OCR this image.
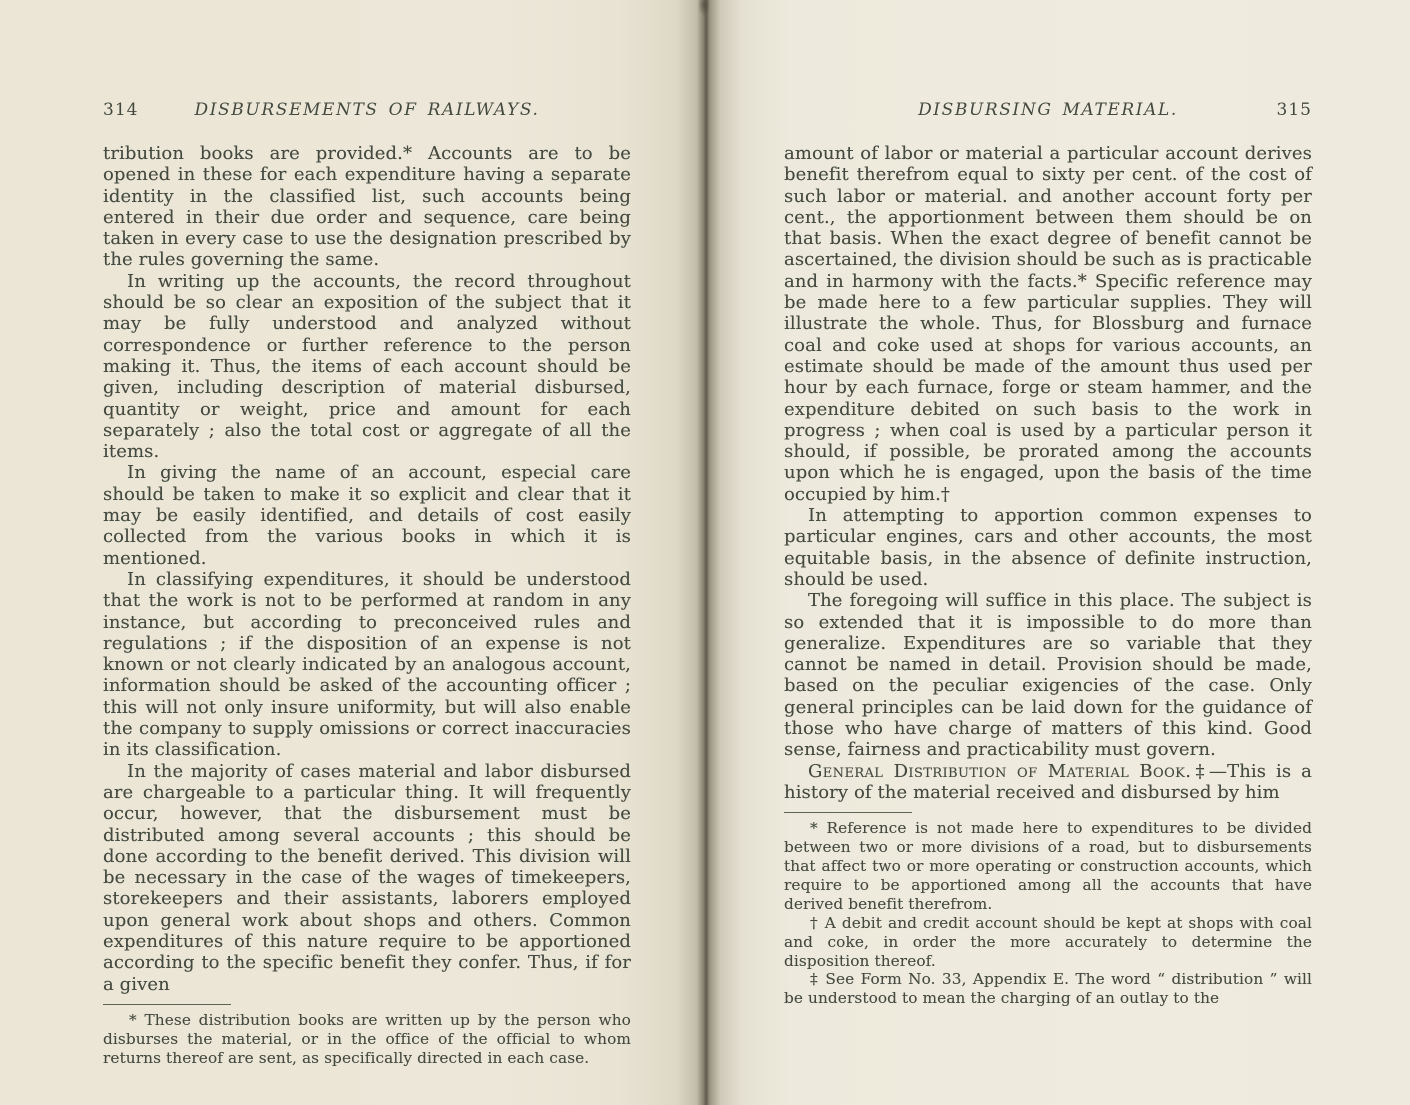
314	DISBURSEMENTS OF RAILWAYS.

tribution books are provided.* Accounts are to be opened in these for each expenditure having a separate identity in the classified list, such accounts being entered in their due order and sequence, care being taken in every case to use the designation prescribed by the rules governing the same.

In writing up the accounts, the record throughout should be so clear an exposition of the subject that it may be fully understood and analyzed without correspondence or further reference to the person making it. Thus, the items of each account should be given, including description of material disbursed, quantity or weight, price and amount for each separately ; also the total cost or aggregate of all the items.

In giving the name of an account, especial care should be taken to make it so explicit and clear that it may be easily identified, and details of cost easily collected from the various books in which it is mentioned.

In classifying expenditures, it should be understood that the work is not to be performed at random in any instance, but according to preconceived rules and regulations ; if the disposition of an expense is not known or not clearly indicated by an analogous account, information should be asked of the accounting officer ; this will not only insure uniformity, but will also enable the company to supply omissions or correct inaccuracies in its classification.

In the majority of cases material and labor disbursed are chargeable to a particular thing. It will frequently occur, however, that the disbursement must be distributed among several accounts ; this should be done according to the benefit derived. This division will be necessary in the case of the wages of timekeepers, storekeepers and their assistants, laborers employed upon general work about shops and others. Common expenditures of this nature require to be apportioned according to the specific benefit they confer. Thus, if for a given

* These distribution books are written up by the person who disburses the material, or in the office of the official to whom returns thereof are sent, as specifically directed in each case.

DISBURSING MATERIAL.	315

amount of labor or material a particular account derives benefit therefrom equal to sixty per cent. of the cost of such labor or material. and another account forty per cent., the apportionment between them should be on that basis. When the exact degree of benefit cannot be ascertained, the division should be such as is practicable and in harmony with the facts.* Specific reference may be made here to a few particular supplies. They will illustrate the whole. Thus, for Blossburg and furnace coal and coke used at shops for various accounts, an estimate should be made of the amount thus used per hour by each furnace, forge or steam hammer, and the expenditure debited on such basis to the work in progress ; when coal is used by a particular person it should, if possible, be prorated among the accounts upon which he is engaged, upon the basis of the time occupied by him.†

In attempting to apportion common expenses to particular engines, cars and other accounts, the most equitable basis, in the absence of definite instruction, should be used.

The foregoing will suffice in this place. The subject is so extended that it is impossible to do more than generalize. Expenditures are so variable that they cannot be named in detail. Provision should be made, based on the peculiar exigencies of the case. Only general principles can be laid down for the guidance of those who have charge of matters of this kind. Good sense, fairness and practicability must govern.

General Distribution of Material Book.‡—This is a history of the material received and disbursed by him

* Reference is not made here to expenditures to be divided between two or more divisions of a road, but to disbursements that affect two or more operating or construction accounts, which require to be apportioned among all the accounts that have derived benefit therefrom.

† A debit and credit account should be kept at shops with coal and coke, in order the more accurately to determine the disposition thereof.

‡ See Form No. 33, Appendix E. The word “ distribution ” will be understood to mean the charging of an outlay to the
